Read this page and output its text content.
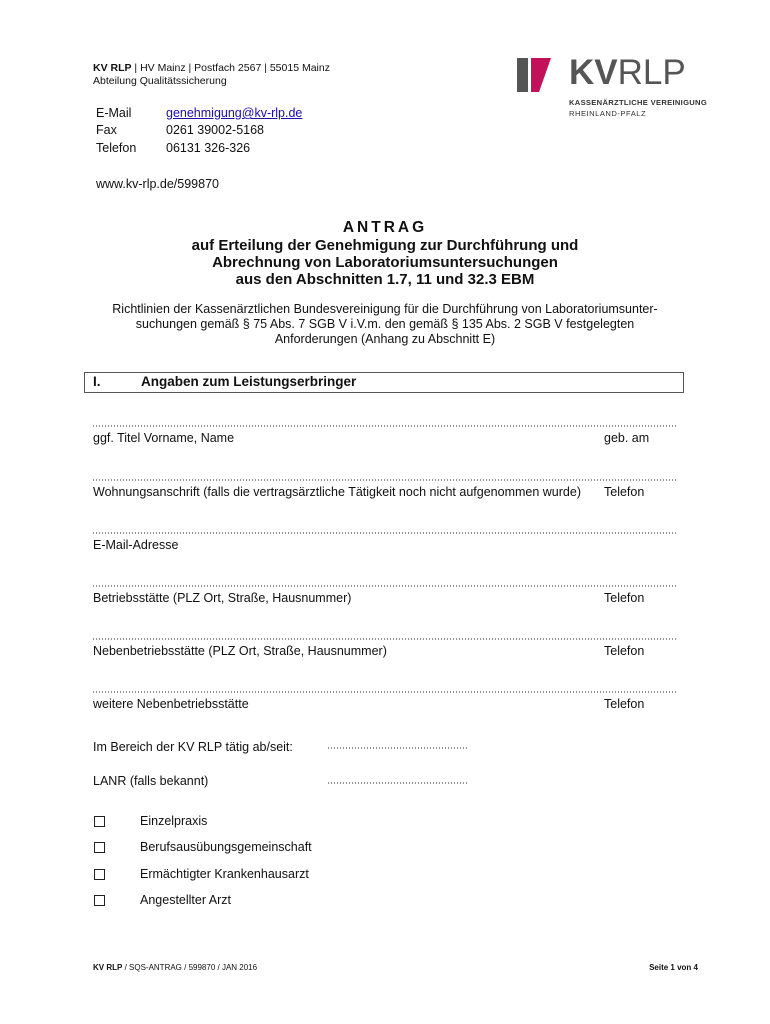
KV RLP | HV Mainz | Postfach 2567 | 55015 Mainz
Abteilung Qualitätssicherung	KVRLP
KASSENÄRZTLICHE VEREINIGUNG
RHEINLAND-PFALZ
E-Mail	genehmigung@kv-rlp.de
Fax	0261 39002-5168
Telefon 06131 326-326
www.kv-rlp.de/599870
ANTRAG
auf Erteilung der Genehmigung zur Durchführung und
Abrechnung von Laboratoriumsuntersuchungen
aus den Abschnitten 1.7, 11 und 32.3 EBM
Richtlinien der Kassenärztlichen Bundesvereinigung für die Durchführung von Laboratoriumsunter-
suchungen gemäß § 75 Abs. 7 SGB V i.V.m. den gemäß § 135 Abs. 2 SGB V festgelegten
Anforderungen (Anhang zu Abschnitt E)
I.	Angaben zum Leistungserbringer
ggf. Titel Vorname, Name	geb. am
Wohnungsanschrift (falls die vertragsärztliche Tätigkeit noch nicht aufgenommen wurde) Telefon
E-Mail-Adresse
Betriebsstätte (PLZ Ort, Straße, Hausnummer)	Telefon
Nebenbetriebsstätte (PLZ Ort, Straße, Hausnummer)	Telefon
weitere Nebenbetriebsstätte	Telefon
Im Bereich der KV RLP tätig ab/seit:
LANR (falls bekannt)
Einzelpraxis
Berufsausübungsgemeinschaft
Ermächtigter Krankenhausarzt
Angestellter Arzt
KV RLP / SQS-ANTRAG / 599870 / JAN 2016	Seite 1 von 4
